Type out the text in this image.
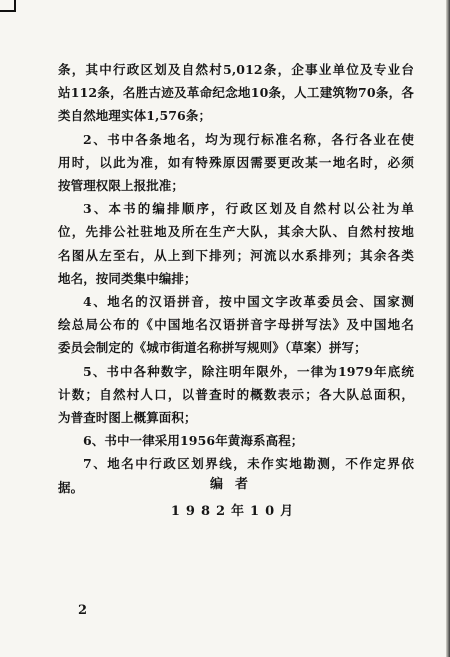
条，其中行政区划及自然村5,012条，企事业单位及专业台
站112条，名胜古迹及革命纪念地10条，人工建筑物70条，各
类自然地理实体1,576条；
2、书中各条地名，均为现行标准名称，各行各业在使
用时，以此为准，如有特殊原因需要更改某一地名时，必须
按管理权限上报批准；
3、本书的编排顺序，行政区划及自然村以公社为单
位，先排公社驻地及所在生产大队，其余大队、自然村按地
名图从左至右，从上到下排列；河流以水系排列；其余各类
地名，按同类集中编排；
4、地名的汉语拼音，按中国文字改革委员会、国家测
绘总局公布的《中国地名汉语拼音字母拼写法》及中国地名
委员会制定的《城市街道名称拼写规则》（草案）拼写；
5、书中各种数字，除注明年限外，一律为1979年底统
计数；自然村人口，以普查时的概数表示；各大队总面积，
为普查时图上概算面积；
6、书中一律采用1956年黄海系高程；
7、地名中行政区划界线，未作实地勘测，不作定界依
据。	编者
1982年10月
2
